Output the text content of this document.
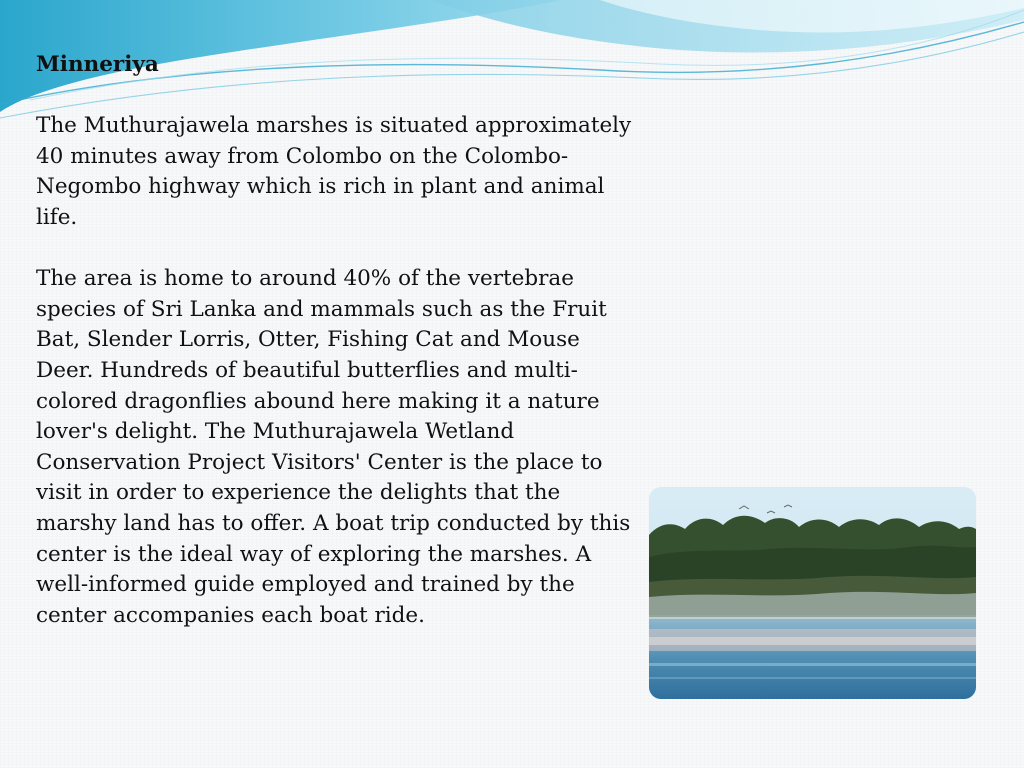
Minneriya

The Muthurajawela marshes is situated approximately 40 minutes away from Colombo on the Colombo-Negombo highway which is rich in plant and animal life.

The area is home to around 40% of the vertebrae species of Sri Lanka and mammals such as the Fruit Bat, Slender Lorris, Otter, Fishing Cat and Mouse Deer. Hundreds of beautiful butterflies and multi-colored dragonflies abound here making it a nature lover's delight. The Muthurajawela Wetland Conservation Project Visitors' Center is the place to visit in order to experience the delights that the marshy land has to offer. A boat trip conducted by this center is the ideal way of exploring the marshes. A well-informed guide employed and trained by the center accompanies each boat ride.
